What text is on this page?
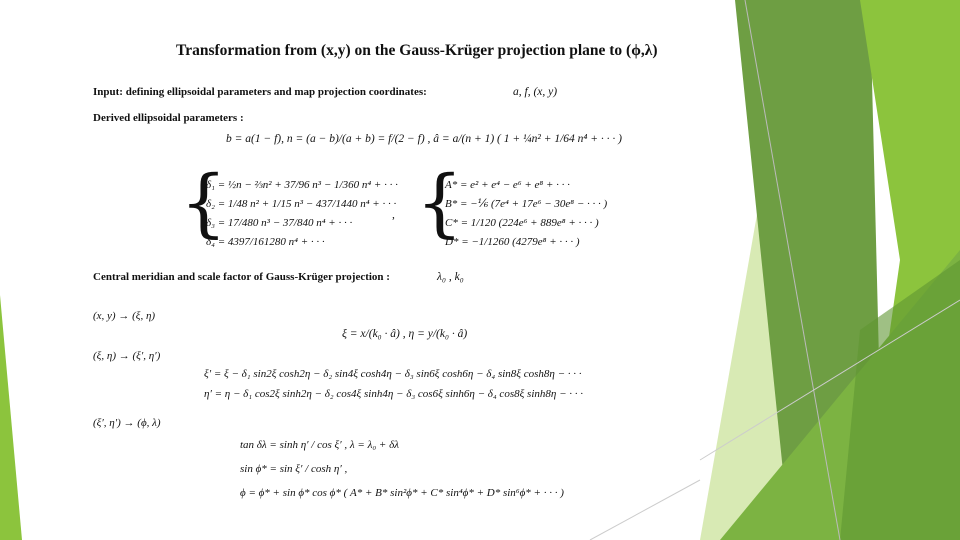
Transformation from (x,y) on the Gauss-Krüger projection plane to (ϕ,λ)
Input: defining ellipsoidal parameters and map projection coordinates:	a, f, (x, y)
Derived ellipsoidal parameters :
b = a(1 − f), n = (a − b)/(a + b) = f/(2 − f) , â = a/(n + 1) ( 1 + ¼n² + 1/64 n⁴ + · · · )
{
δ₁ = ½n − ⅔n² + 37/96 n³ − 1/360 n⁴ + · · ·
δ₂ = 1/48 n² + 1/15 n³ − 437/1440 n⁴ + · · ·
δ₃ = 17/480 n³ − 37/840 n⁴ + · · ·
δ₄ = 4397/161280 n⁴ + · · ·
, {
A* = e² + e⁴ − e⁶ + e⁸ + · · ·
B* = −⅙ (7e⁴ + 17e⁶ − 30e⁸ − · · · )
C* = 1/120 (224e⁶ + 889e⁸ + · · · )
D* = −1/1260 (4279e⁸ + · · · )
Central meridian and scale factor of Gauss-Krüger projection :	λ₀ , k₀
(x, y) → (ξ, η)
ξ = x/(k₀ · â) , η = y/(k₀ · â)
(ξ, η) → (ξ′, η′)
ξ′ = ξ − δ₁ sin2ξ cosh2η − δ₂ sin4ξ cosh4η − δ₃ sin6ξ cosh6η − δ₄ sin8ξ cosh8η − · · ·
η′ = η − δ₁ cos2ξ sinh2η − δ₂ cos4ξ sinh4η − δ₃ cos6ξ sinh6η − δ₄ cos8ξ sinh8η − · · ·
(ξ′, η′) → (ϕ, λ)
tan δλ = sinh η′ / cos ξ′ , λ = λ₀ + δλ
sin ϕ* = sin ξ′ / cosh η′ ,
ϕ = ϕ* + sin ϕ* cos ϕ* ( A* + B* sin²ϕ* + C* sin⁴ϕ* + D* sin⁶ϕ* + · · · )
